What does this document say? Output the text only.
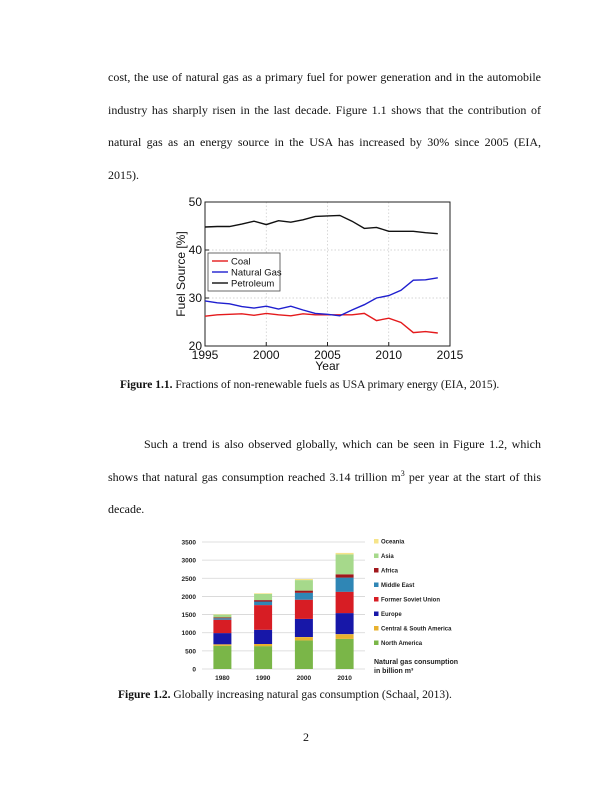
cost, the use of natural gas as a primary fuel for power generation and in the automobile
industry has sharply risen in the last decade. Figure 1.1 shows that the contribution of
natural gas as an energy source in the USA has increased by 30% since 2005 (EIA,
2015).
1995	2000	2005	2010	2015
20
30
40
50
Year
Fuel Source [%]	Coal
Natural Gas
Petroleum
Figure 1.1. Fractions of non-renewable fuels as USA primary energy (EIA, 2015).
Such a trend is also observed globally, which can be seen in Figure 1.2, which
shows that natural gas consumption reached 3.14 trillion $m^3$ per year at the start of this
decade.
0
500
1000
1500
2000
2500
3000
3500
1980	1990	2000	2010
Oceania
Asia
Africa
Middle East
Former Soviet Union
Europe
Central & South America
North America
Natural gas consumption
in billion m³
Figure 1.2. Globally increasing natural gas consumption (Schaal, 2013).
2
